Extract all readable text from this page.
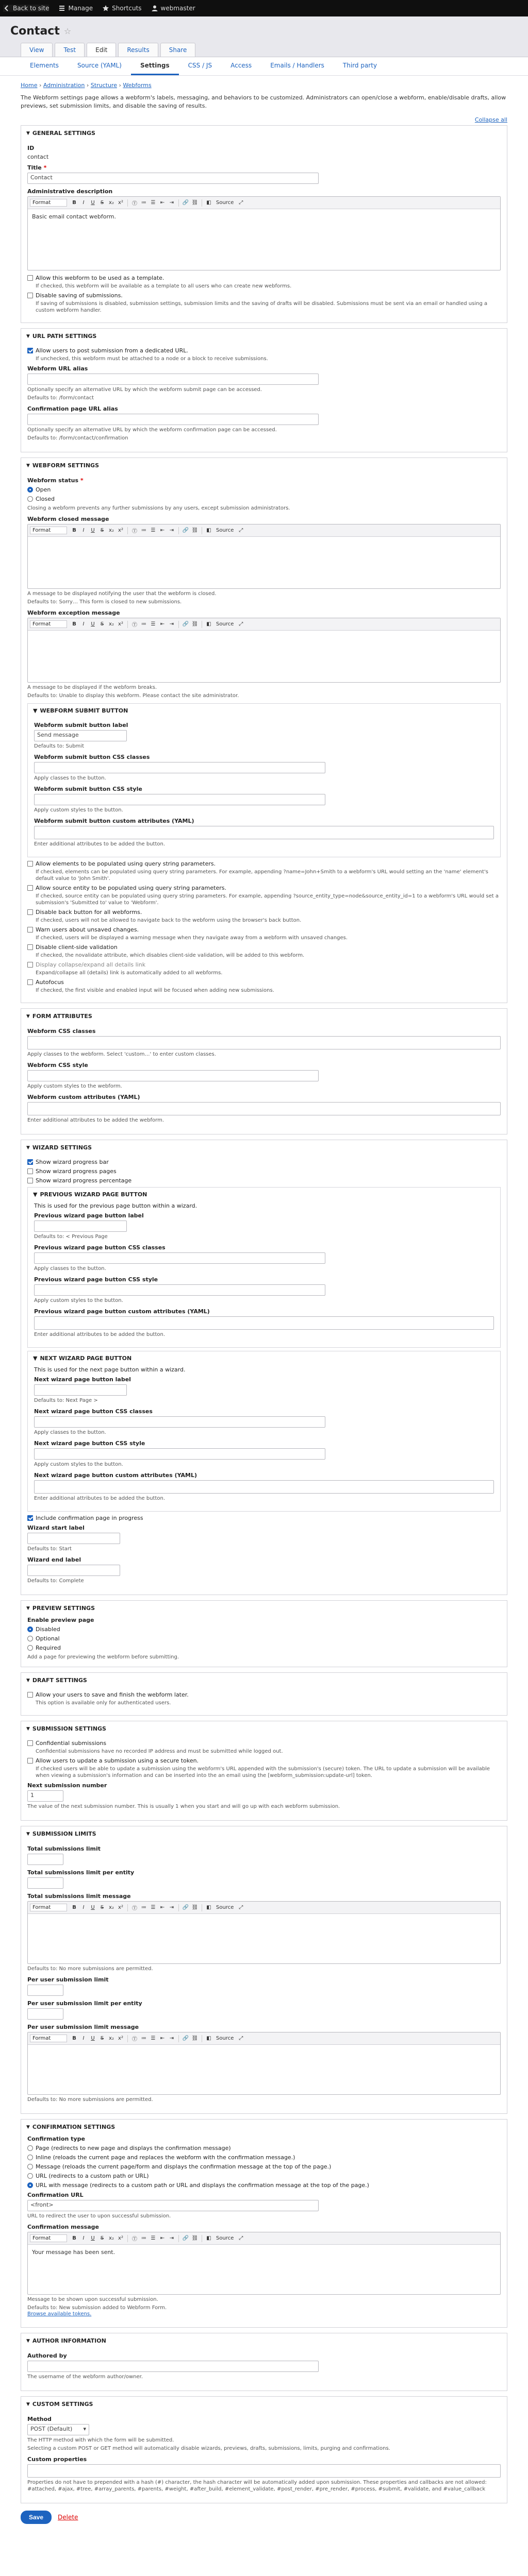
Back to site	Manage	Shortcuts	webmaster
Contact ☆
View	Test	Edit	Results	Share
Elements	Source (YAML)	Settings	CSS / JS	Access	Emails / Handlers	Third party
Home › Administration › Structure › Webforms

The Webform settings page allows a webform's labels, messaging, and behaviors to be customized. Administrators can open/close a webform, enable/disable drafts, allow previews, set submission limits, and disable the saving of results.

Collapse all
▼ GENERAL SETTINGS
ID
contact
Title *
Contact
Administrative description
Format	B I U S x₂ x²	Ⓣ ≔ ☰ ⇤ ⇥	🔗 ⛓	◧ Source	⤢
Basic email contact webform.
Allow this webform to be used as a template.
If checked, this webform will be available as a template to all users who can create new webforms.
Disable saving of submissions.
If saving of submissions is disabled, submission settings, submission limits and the saving of drafts will be disabled. Submissions must be sent via an email or handled using a custom webform handler.
▼ URL PATH SETTINGS
Allow users to post submission from a dedicated URL.
If unchecked, this webform must be attached to a node or a block to receive submissions.
Webform URL alias
Optionally specify an alternative URL by which the webform submit page can be accessed.
Defaults to: /form/contact
Confirmation page URL alias
Optionally specify an alternative URL by which the webform confirmation page can be accessed.
Defaults to: /form/contact/confirmation
▼ WEBFORM SETTINGS
Webform status *
Open
Closed
Closing a webform prevents any further submissions by any users, except submission administrators.
Webform closed message
Format	B I U S x₂ x²	Ⓣ ≔ ☰ ⇤ ⇥	🔗 ⛓	◧ Source	⤢
A message to be displayed notifying the user that the webform is closed.
Defaults to: Sorry… This form is closed to new submissions.
Webform exception message
Format	B I U S x₂ x²	Ⓣ ≔ ☰ ⇤ ⇥	🔗 ⛓	◧ Source	⤢
A message to be displayed if the webform breaks.
Defaults to: Unable to display this webform. Please contact the site administrator.
▼ WEBFORM SUBMIT BUTTON
Webform submit button label
Send message
Defaults to: Submit
Webform submit button CSS classes
Apply classes to the button.
Webform submit button CSS style
Apply custom styles to the button.
Webform submit button custom attributes (YAML)
Enter additional attributes to be added the button.
Allow elements to be populated using query string parameters.
If checked, elements can be populated using query string parameters. For example, appending ?name=John+Smith to a webform's URL would setting an the 'name' element's default value to 'John Smith'.
Allow source entity to be populated using query string parameters.
If checked, source entity can be populated using query string parameters. For example, appending ?source_entity_type=node&source_entity_id=1 to a webform's URL would set a submission's 'Submitted to' value to 'Webform'.
Disable back button for all webforms.
If checked, users will not be allowed to navigate back to the webform using the browser's back button.
Warn users about unsaved changes.
If checked, users will be displayed a warning message when they navigate away from a webform with unsaved changes.
Disable client-side validation
If checked, the novalidate attribute, which disables client-side validation, will be added to this webform.
Display collapse/expand all details link
Expand/collapse all (details) link is automatically added to all webforms.
Autofocus
If checked, the first visible and enabled input will be focused when adding new submissions.
▼ FORM ATTRIBUTES
Webform CSS classes
Apply classes to the webform. Select 'custom…' to enter custom classes.
Webform CSS style
Apply custom styles to the webform.
Webform custom attributes (YAML)
Enter additional attributes to be added the webform.
▼ WIZARD SETTINGS
Show wizard progress bar
Show wizard progress pages
Show wizard progress percentage
▼ PREVIOUS WIZARD PAGE BUTTON
This is used for the previous page button within a wizard.
Previous wizard page button label
Defaults to: < Previous Page
Previous wizard page button CSS classes
Apply classes to the button.
Previous wizard page button CSS style
Apply custom styles to the button.
Previous wizard page button custom attributes (YAML)
Enter additional attributes to be added the button.
▼ NEXT WIZARD PAGE BUTTON
This is used for the next page button within a wizard.
Next wizard page button label
Defaults to: Next Page >
Next wizard page button CSS classes
Apply classes to the button.
Next wizard page button CSS style
Apply custom styles to the button.
Next wizard page button custom attributes (YAML)
Enter additional attributes to be added the button.
Include confirmation page in progress
Wizard start label
Defaults to: Start
Wizard end label
Defaults to: Complete
▼ PREVIEW SETTINGS
Enable preview page
Disabled
Optional
Required
Add a page for previewing the webform before submitting.
▼ DRAFT SETTINGS
Allow your users to save and finish the webform later.
This option is available only for authenticated users.
▼ SUBMISSION SETTINGS
Confidential submissions
Confidential submissions have no recorded IP address and must be submitted while logged out.
Allow users to update a submission using a secure token.
If checked users will be able to update a submission using the webform's URL appended with the submission's (secure) token. The URL to update a submission will be available when viewing a submission's information and can be inserted into the an email using the [webform_submission:update-url] token.
Next submission number
1
The value of the next submission number. This is usually 1 when you start and will go up with each webform submission.
▼ SUBMISSION LIMITS
Total submissions limit
Total submissions limit per entity
Total submissions limit message
Format	B I U S x₂ x²	Ⓣ ≔ ☰ ⇤ ⇥	🔗 ⛓	◧ Source	⤢
Defaults to: No more submissions are permitted.
Per user submission limit
Per user submission limit per entity
Per user submission limit message
Format	B I U S x₂ x²	Ⓣ ≔ ☰ ⇤ ⇥	🔗 ⛓	◧ Source	⤢
Defaults to: No more submissions are permitted.
▼ CONFIRMATION SETTINGS
Confirmation type
Page (redirects to new page and displays the confirmation message)
Inline (reloads the current page and replaces the webform with the confirmation message.)
Message (reloads the current page/form and displays the confirmation message at the top of the page.)
URL (redirects to a custom path or URL)
URL with message (redirects to a custom path or URL and displays the confirmation message at the top of the page.)
Confirmation URL
<front>
URL to redirect the user to upon successful submission.
Confirmation message
Format	B I U S x₂ x²	Ⓣ ≔ ☰ ⇤ ⇥	🔗 ⛓	◧ Source	⤢
Your message has been sent.
Message to be shown upon successful submission.
Defaults to: New submission added to Webform Form.
Browse available tokens.
▼ AUTHOR INFORMATION
Authored by
The username of the webform author/owner.
▼ CUSTOM SETTINGS
Method
POST (Default) ▾
The HTTP method with which the form will be submitted.
Selecting a custom POST or GET method will automatically disable wizards, previews, drafts, submissions, limits, purging and confirmations.
Custom properties
Properties do not have to prepended with a hash (#) character, the hash character will be automatically added upon submission. These properties and callbacks are not allowed: #attached, #ajax, #tree, #array_parents, #parents, #weight, #after_build, #element_validate, #post_render, #pre_render, #process, #submit, #validate, and #value_callback
Save	Delete
